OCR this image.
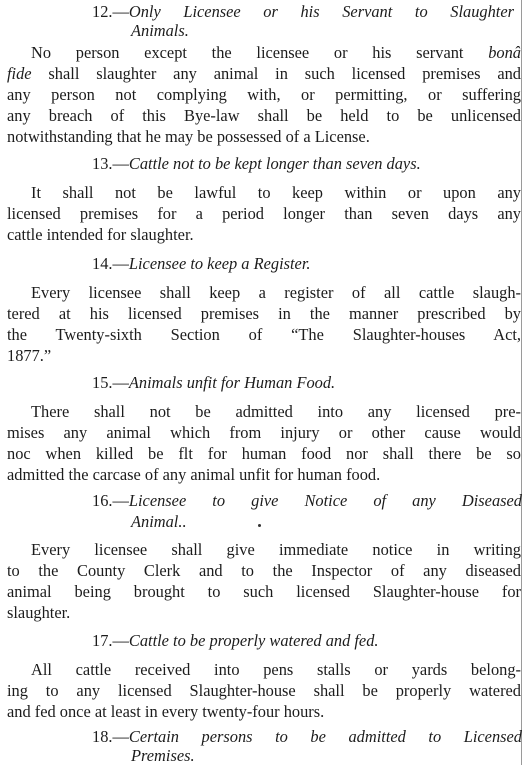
12.—Only Licensee or his Servant to Slaughter
Animals.
No person except the licensee or his servant bonâ
fide shall slaughter any animal in such licensed premises and
any person not complying with, or permitting, or suffering
any breach of this Bye-law shall be held to be unlicensed
notwithstanding that he may be possessed of a License.
13.—Cattle not to be kept longer than seven days.
It shall not be lawful to keep within or upon any
licensed premises for a period longer than seven days any
cattle intended for slaughter.
14.—Licensee to keep a Register.
Every licensee shall keep a register of all cattle slaugh-
tered at his licensed premises in the manner prescribed by
the Twenty-sixth Section of “The Slaughter-houses Act,
1877.”
15.—Animals unfit for Human Food.
There shall not be admitted into any licensed pre-
mises any animal which from injury or other cause would
noc when killed be flt for human food nor shall there be so
admitted the carcase of any animal unfit for human food.
16.—Licensee to give Notice of any Diseased
Animal..
Every licensee shall give immediate notice in writing
to the County Clerk and to the Inspector of any diseased
animal being brought to such licensed Slaughter-house for
slaughter.
17.—Cattle to be properly watered and fed.
All cattle received into pens stalls or yards belong-
ing to any licensed Slaughter-house shall be properly watered
and fed once at least in every twenty-four hours.
18.—Certain persons to be admitted to Licensed
Premises.
